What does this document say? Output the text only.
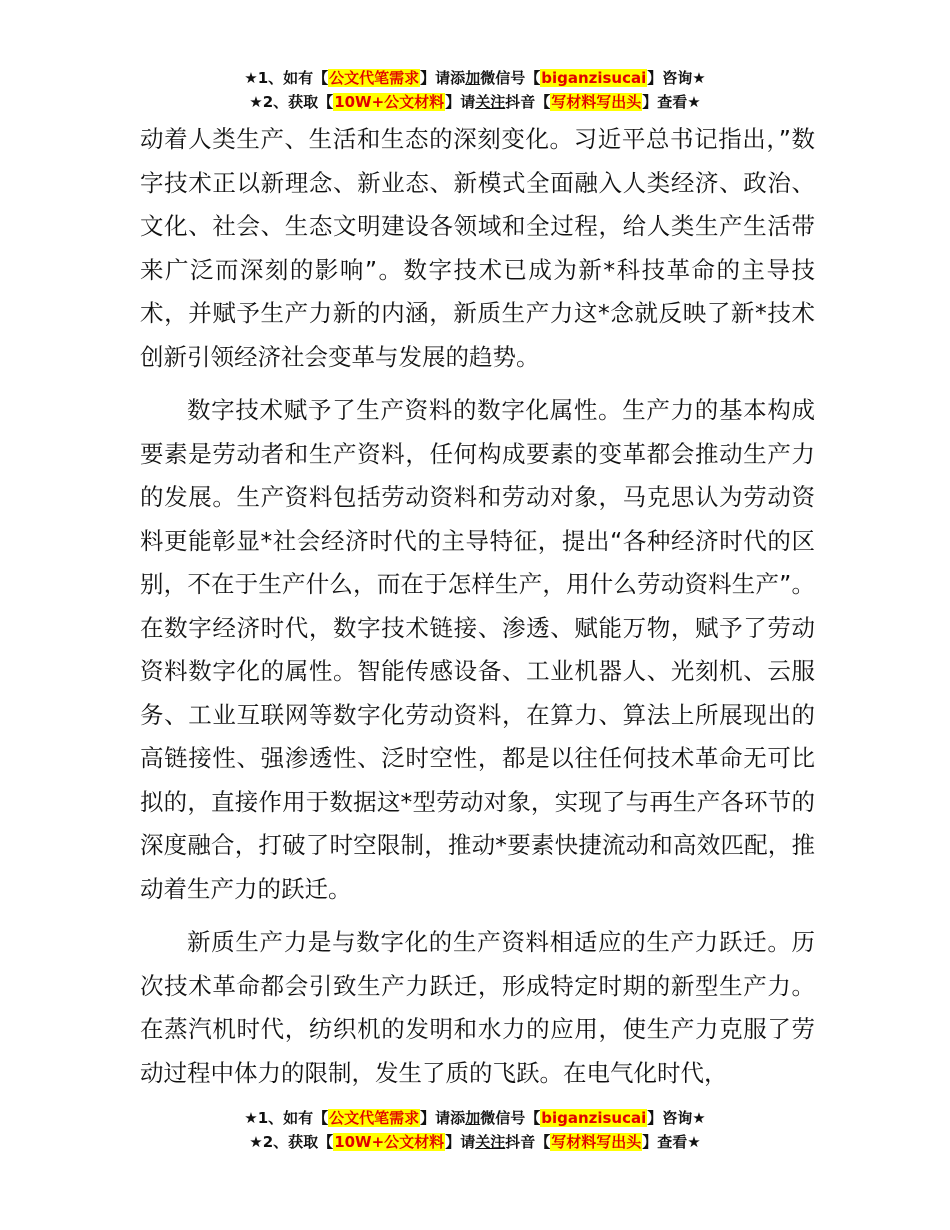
★1、如有【公文代笔需求】请添加微信号【biganzisucai】咨询★
★2、获取【10W+公文材料】请关注抖音【写材料写出头】查看★

动着人类生产、生活和生态的深刻变化。习近平总书记指出，”数字技术正以新理念、新业态、新模式全面融入人类经济、政治、文化、社会、生态文明建设各领域和全过程，给人类生产生活带来广泛而深刻的影响”。数字技术已成为新*科技革命的主导技术，并赋予生产力新的内涵，新质生产力这*念就反映了新*技术创新引领经济社会变革与发展的趋势。

数字技术赋予了生产资料的数字化属性。生产力的基本构成要素是劳动者和生产资料，任何构成要素的变革都会推动生产力的发展。生产资料包括劳动资料和劳动对象，马克思认为劳动资料更能彰显*社会经济时代的主导特征，提出“各种经济时代的区别，不在于生产什么，而在于怎样生产，用什么劳动资料生产”。在数字经济时代，数字技术链接、渗透、赋能万物，赋予了劳动资料数字化的属性。智能传感设备、工业机器人、光刻机、云服务、工业互联网等数字化劳动资料，在算力、算法上所展现出的高链接性、强渗透性、泛时空性，都是以往任何技术革命无可比拟的，直接作用于数据这*型劳动对象，实现了与再生产各环节的深度融合，打破了时空限制，推动*要素快捷流动和高效匹配，推动着生产力的跃迁。

新质生产力是与数字化的生产资料相适应的生产力跃迁。历次技术革命都会引致生产力跃迁，形成特定时期的新型生产力。在蒸汽机时代，纺织机的发明和水力的应用，使生产力克服了劳动过程中体力的限制，发生了质的飞跃。在电气化时代，

★1、如有【公文代笔需求】请添加微信号【biganzisucai】咨询★
★2、获取【10W+公文材料】请关注抖音【写材料写出头】查看★
